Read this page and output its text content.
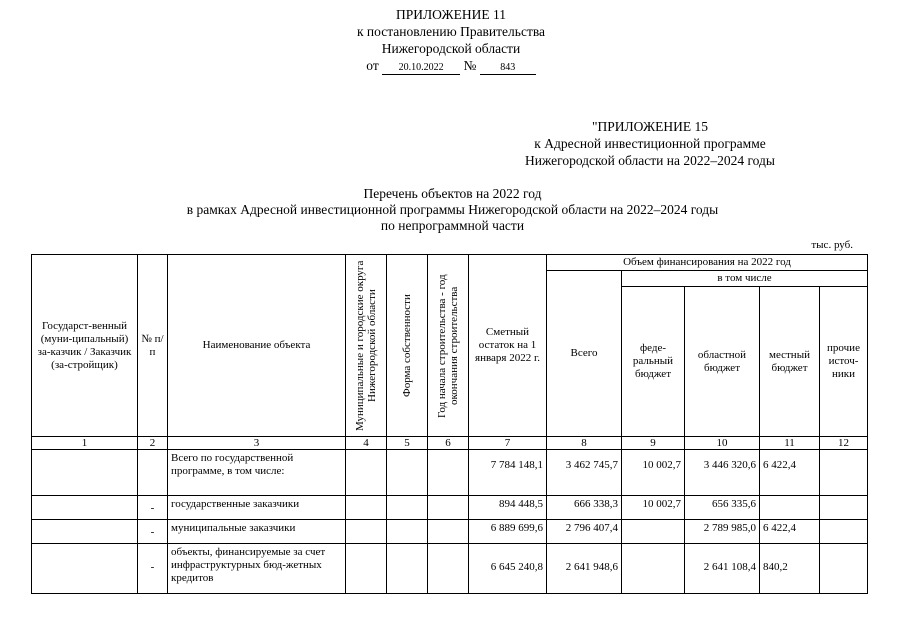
ПРИЛОЖЕНИЕ 11
к постановлению Правительства
Нижегородской области
от 20.10.2022 № 843
"ПРИЛОЖЕНИЕ 15
к Адресной инвестиционной программе
Нижегородской области на 2022–2024 годы
Перечень объектов на 2022 год
в рамках Адресной инвестиционной программы Нижегородской области на 2022–2024 годы
по непрограммной части
тыс. руб.
Государст-венный (муни-ципальный) за-казчик / Заказчик (за-стройщик)	№ п/п	Наименование объекта	Муниципальные и городские округа Нижегородской области	Форма собственности	Год начала строительства - год окончания строительства	Сметный остаток на 1 января 2022 г.	Объем финансирования на 2022 год				
							Всего	в том числе			
								феде-ральный бюджет	областной бюджет	местный бюджет	прочие источ-ники
1	2	3	4	5	6	7	8	9	10	11	12
		Всего по государственной программе, в том числе:				7 784 148,1	3 462 745,7	10 002,7	3 446 320,6	6 422,4	
	-	государственные заказчики				894 448,5	666 338,3	10 002,7	656 335,6		
	-	муниципальные заказчики				6 889 699,6	2 796 407,4		2 789 985,0	6 422,4	
	-	объекты, финансируемые за счет инфраструктурных бюд-жетных кредитов				6 645 240,8	2 641 948,6		2 641 108,4	840,2	
